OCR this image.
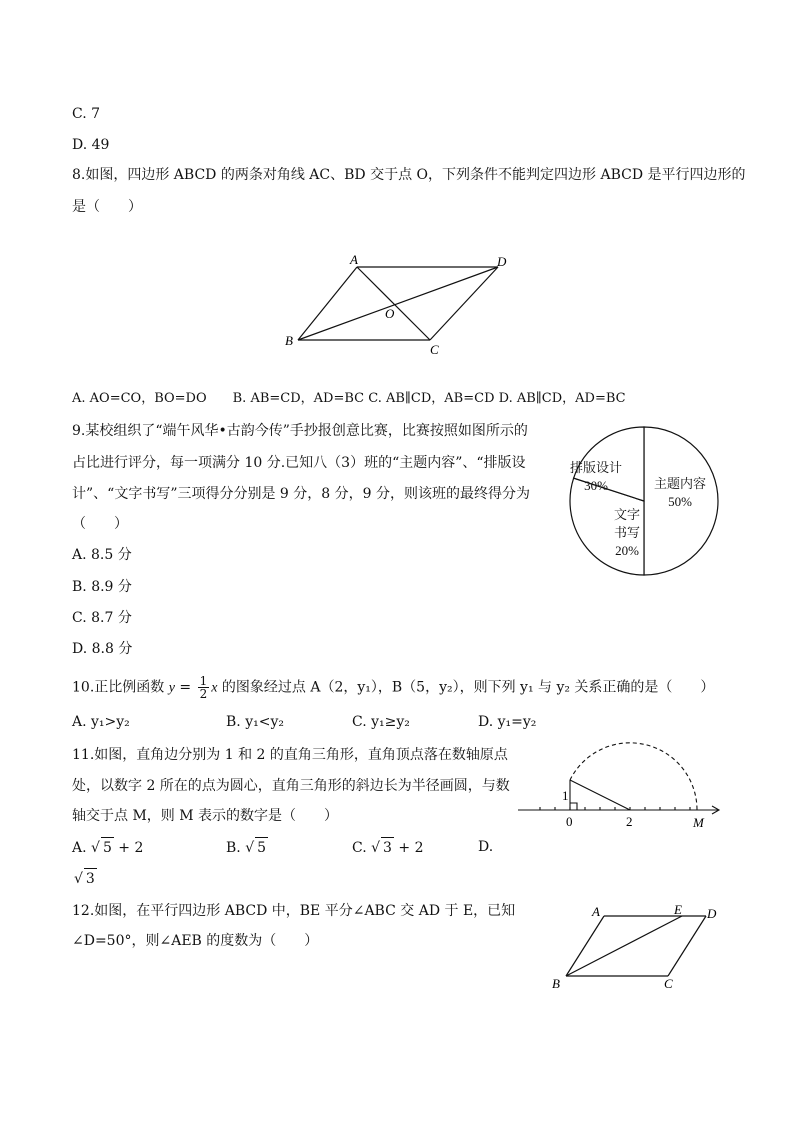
C. 7
D. 49
8.如图，四边形 ABCD 的两条对角线 AC、BD 交于点 O，下列条件不能判定四边形 ABCD 是平行四边形的
是（　　）
A	D
B
C
O
A. AO=CO，BO=DO　　B. AB=CD，AD=BC C. AB∥CD，AB=CD D. AB∥CD，AD=BC
9.某校组织了“端午风华•古韵今传”手抄报创意比赛，比赛按照如图所示的
占比进行评分，每一项满分 10 分.已知八（3）班的“主题内容”、“排版设
计”、“文字书写”三项得分分别是 9 分，8 分，9 分，则该班的最终得分为
（　　）
A. 8.5 分
B. 8.9 分
C. 8.7 分
D. 8.8 分
主题内容
50%
排版设计
30%
文字
书写
20%
10.正比例函数 $y = \frac{1}{2}$ x 的图象经过点 A（2，y₁），B（5，y₂），则下列 y₁ 与 y₂ 关系正确的是（　　）
A. y₁>y₂	B. y₁<y₂	C. y₁≥y₂	D. y₁=y₂
11.如图，直角边分别为 1 和 2 的直角三角形，直角顶点落在数轴原点
处，以数字 2 所在的点为圆心，直角三角形的斜边长为半径画圆，与数
轴交于点 M，则 M 表示的数字是（　　）
A. √ 5 + 2	B. √ 5	C. √ 3 + 2	D.
√ 3
1
0	2	M
12.如图，在平行四边形 ABCD 中，BE 平分∠ABC 交 AD 于 E，已知
∠D=50°，则∠AEB 的度数为（　　）
A	E D
B	C
